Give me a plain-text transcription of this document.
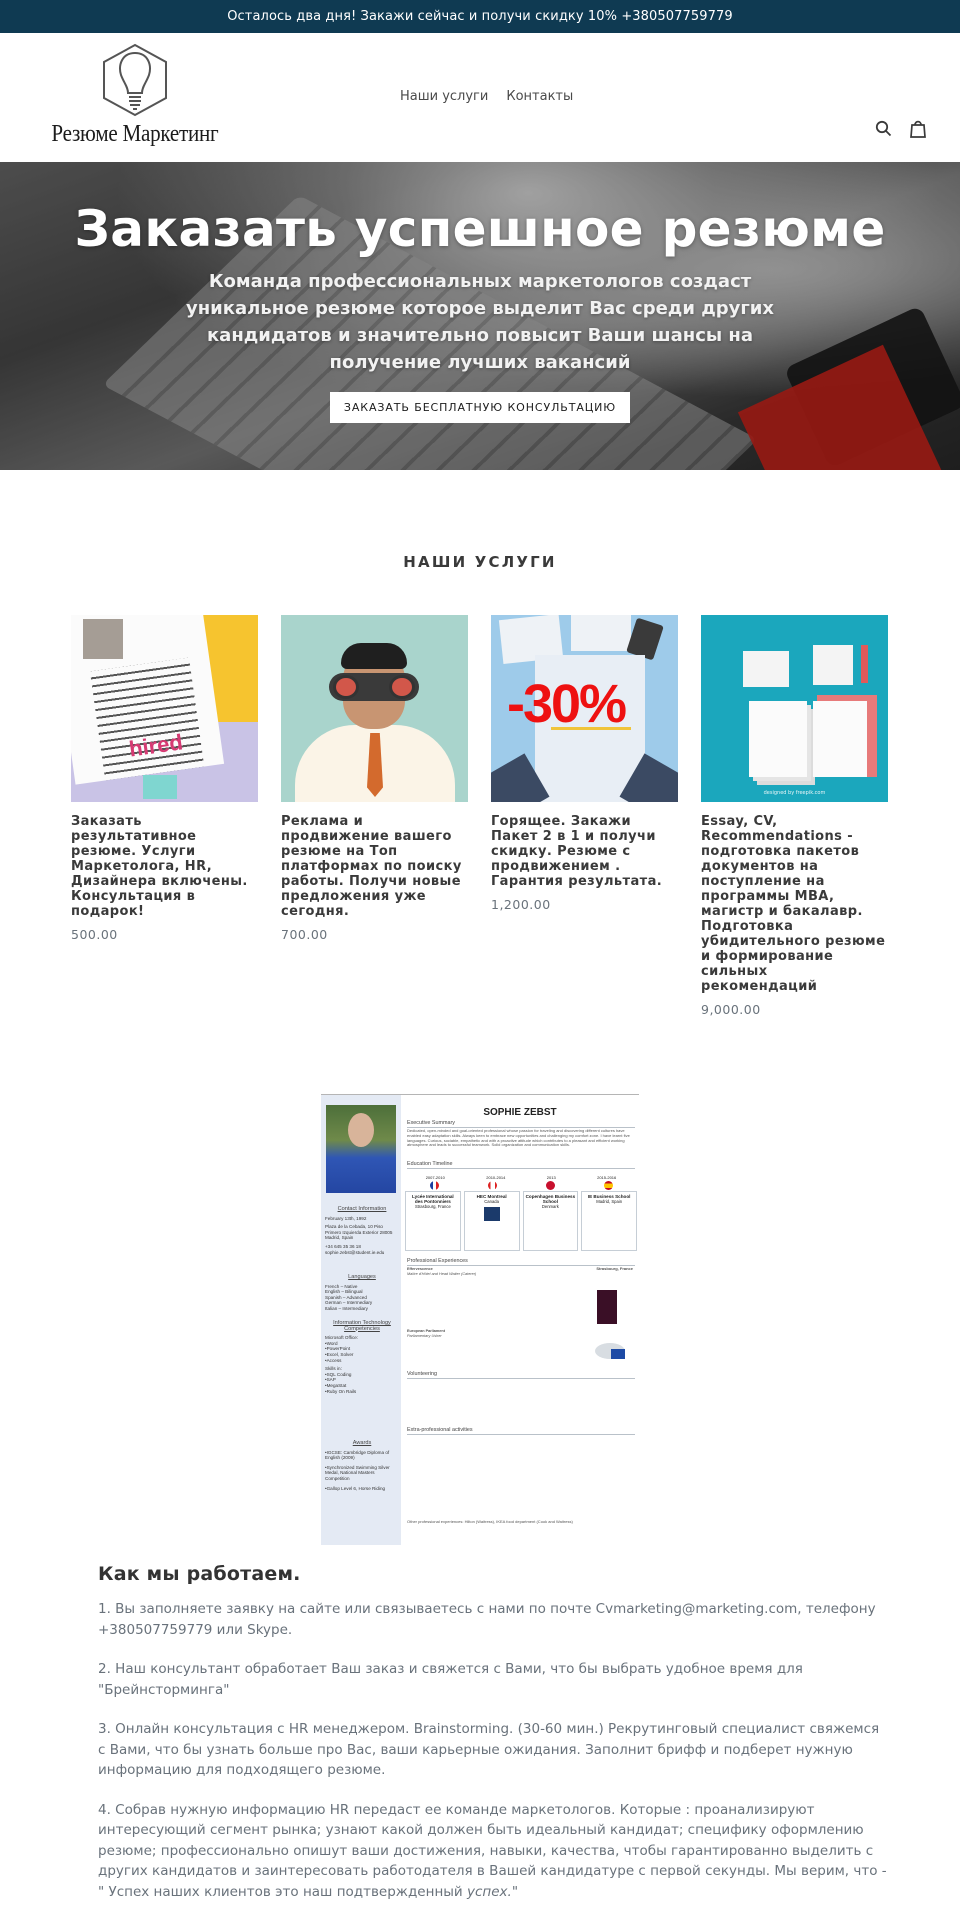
Осталось два дня! Закажи сейчас и получи скидку 10% +380507759779
Резюме Маркетинг
Наши услуги Контакты
Заказать успешное резюме

Команда профессиональных маркетологов создаст уникальное резюме которое выделит Вас среди других кандидатов и значительно повысит Ваши шансы на получение лучших вакансий

ЗАКАЗАТЬ БЕСПЛАТНУЮ КОНСУЛЬТАЦИЮ
НАШИ УСЛУГИ
hired
Заказать результативное резюме. Услуги Маркетолога, HR, Дизайнера включены. Консультация в подарок!
500.00
Реклама и продвижение вашего резюме на Топ платформах по поиску работы. Получи новые предложения уже сегодня.
700.00
-30%
Горящее. Закажи Пакет 2 в 1 и получи скидку. Резюме с продвижением . Гарантия результата.
1,200.00
designed by freepik.com
Essay, CV, Recommendations - подготовка пакетов документов на поступление на программы MBA, магистр и бакалавр. Подготовка убидительного резюме и формирование сильных рекомендаций
9,000.00
Contact Information
February 13th, 1992
Plaza de la Cebada, 10 Piso Primero Izquierda Exterior 28005 Madrid, Spain
+34 645 35 36 18
sophie.zebst@student.ie.edu
Languages
French – Native
English – Bilingual
Spanish – Advanced
German – Intermediary
Italian – Intermediary
Information Technology Competencies
Microsoft Office:
•Word
•PowerPoint
•Excel, Solver
•Access
Skills in:
•SQL Coding
•SAP
•MegaStat
•Ruby On Rails
Awards
•IGCSE: Cambridge Diploma of English (2009)
•Synchronized Swimming Silver Medal, National Masters Competition
•Gallop Level 6, Horse Riding
SOPHIE ZEBST
Executive Summary
Dedicated, open-minded and goal-oriented professional whose passion for traveling and discovering different cultures have enabled easy adaptation skills. Always keen to embrace new opportunities and challenging my comfort zone. I have learnt five languages. Curious, sociable, empathetic and with a proactive attitude which contributes to a pleasant and efficient working atmosphere and leads to successful teamwork. Solid organization and communication skills.
Education Timeline
2007-2010	2010-2014	2013	2015-2016
Lycée International des Pontonniers
Strasbourg, France
HEC Montreal
Canada
Copenhagen Business School
Denmark
IE Business School
Madrid, Spain
Professional Experiences
Effervescence
Maître d'Hôtel and Head Waiter (Caterer)
Strasbourg, France
European Parliament
Parliamentary Usher
Volunteering
Extra-professional activities
Other professional experiences: Hilton (Waitress), IKEA food department (Cook and Waitress)
Как мы работаем.

1. Вы заполняете заявку на сайте или связываетесь с нами по почте Cvmarketing@marketing.com, телефону +380507759779 или Skype.

2. Наш консультант обработает Ваш заказ и свяжется с Вами, что бы выбрать удобное время для "Брейнсторминга"

3. Онлайн консультация с HR менеджером. Brainstorming. (30-60 мин.) Рекрутинговый специалист свяжемся с Вами, что бы узнать больше про Вас, ваши карьерные ожидания. Заполнит брифф и подберет нужную информацию для подходящего резюме.

4. Собрав нужную информацию HR передаст ее команде маркетологов. Которые : проанализируют интересующий сегмент рынка; узнают какой должен быть идеальный кандидат; специфику оформлению резюме; профессионально опишут ваши достижения, навыки, качества, чтобы гарантированно выделить с других кандидатов и заинтересовать работодателя в Вашей кандидатуре с первой секунды. Мы верим, что - " Успех наших клиентов это наш подтвержденный успех."
